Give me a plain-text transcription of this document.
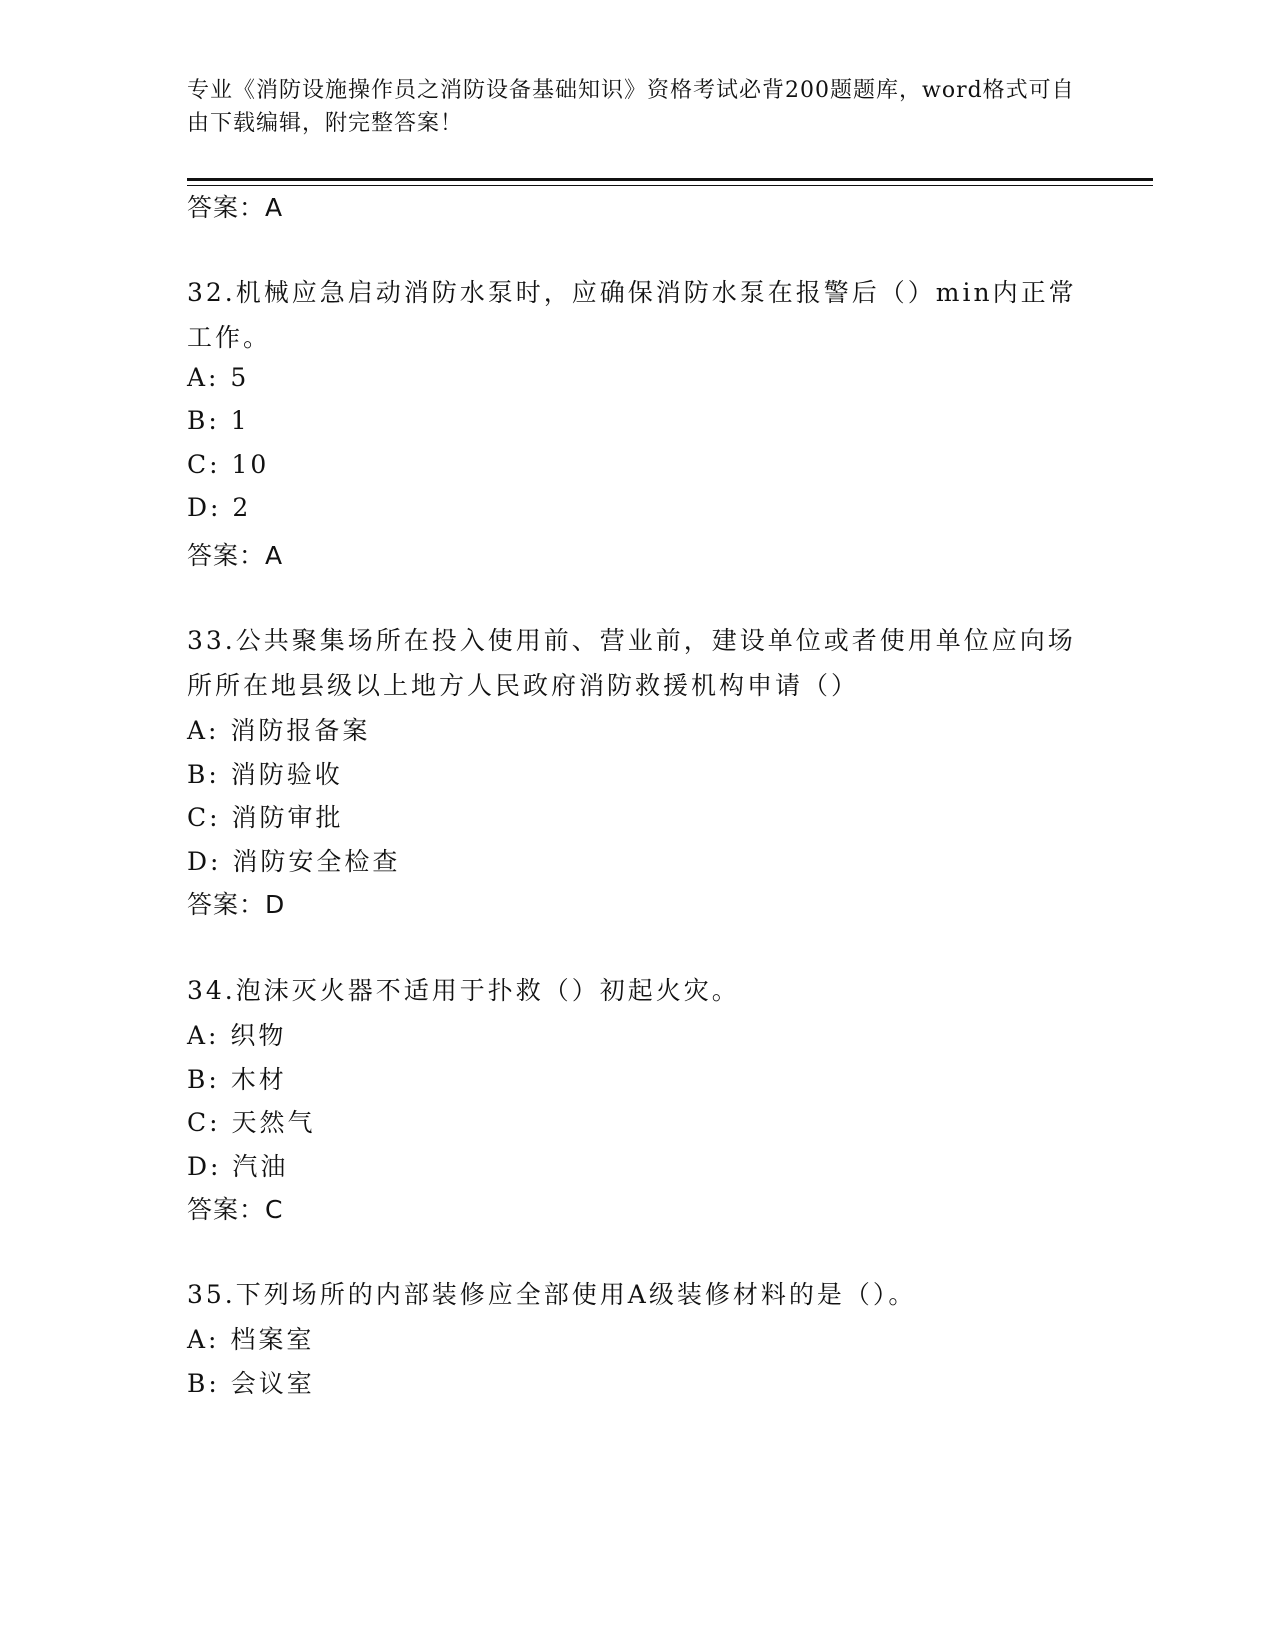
专业《消防设施操作员之消防设备基础知识》资格考试必背200题题库，word格式可自由下载编辑，附完整答案！
答案：A
32.机械应急启动消防水泵时，应确保消防水泵在报警后（）min内正常工作。
A: 5
B: 1
C: 10
D: 2
答案：A
33.公共聚集场所在投入使用前、营业前，建设单位或者使用单位应向场所所在地县级以上地方人民政府消防救援机构申请（）
A: 消防报备案
B: 消防验收
C: 消防审批
D: 消防安全检查
答案：D
34.泡沫灭火器不适用于扑救（）初起火灾。
A: 织物
B: 木材
C: 天然气
D: 汽油
答案：C
35.下列场所的内部装修应全部使用A级装修材料的是（）。
A: 档案室
B: 会议室
